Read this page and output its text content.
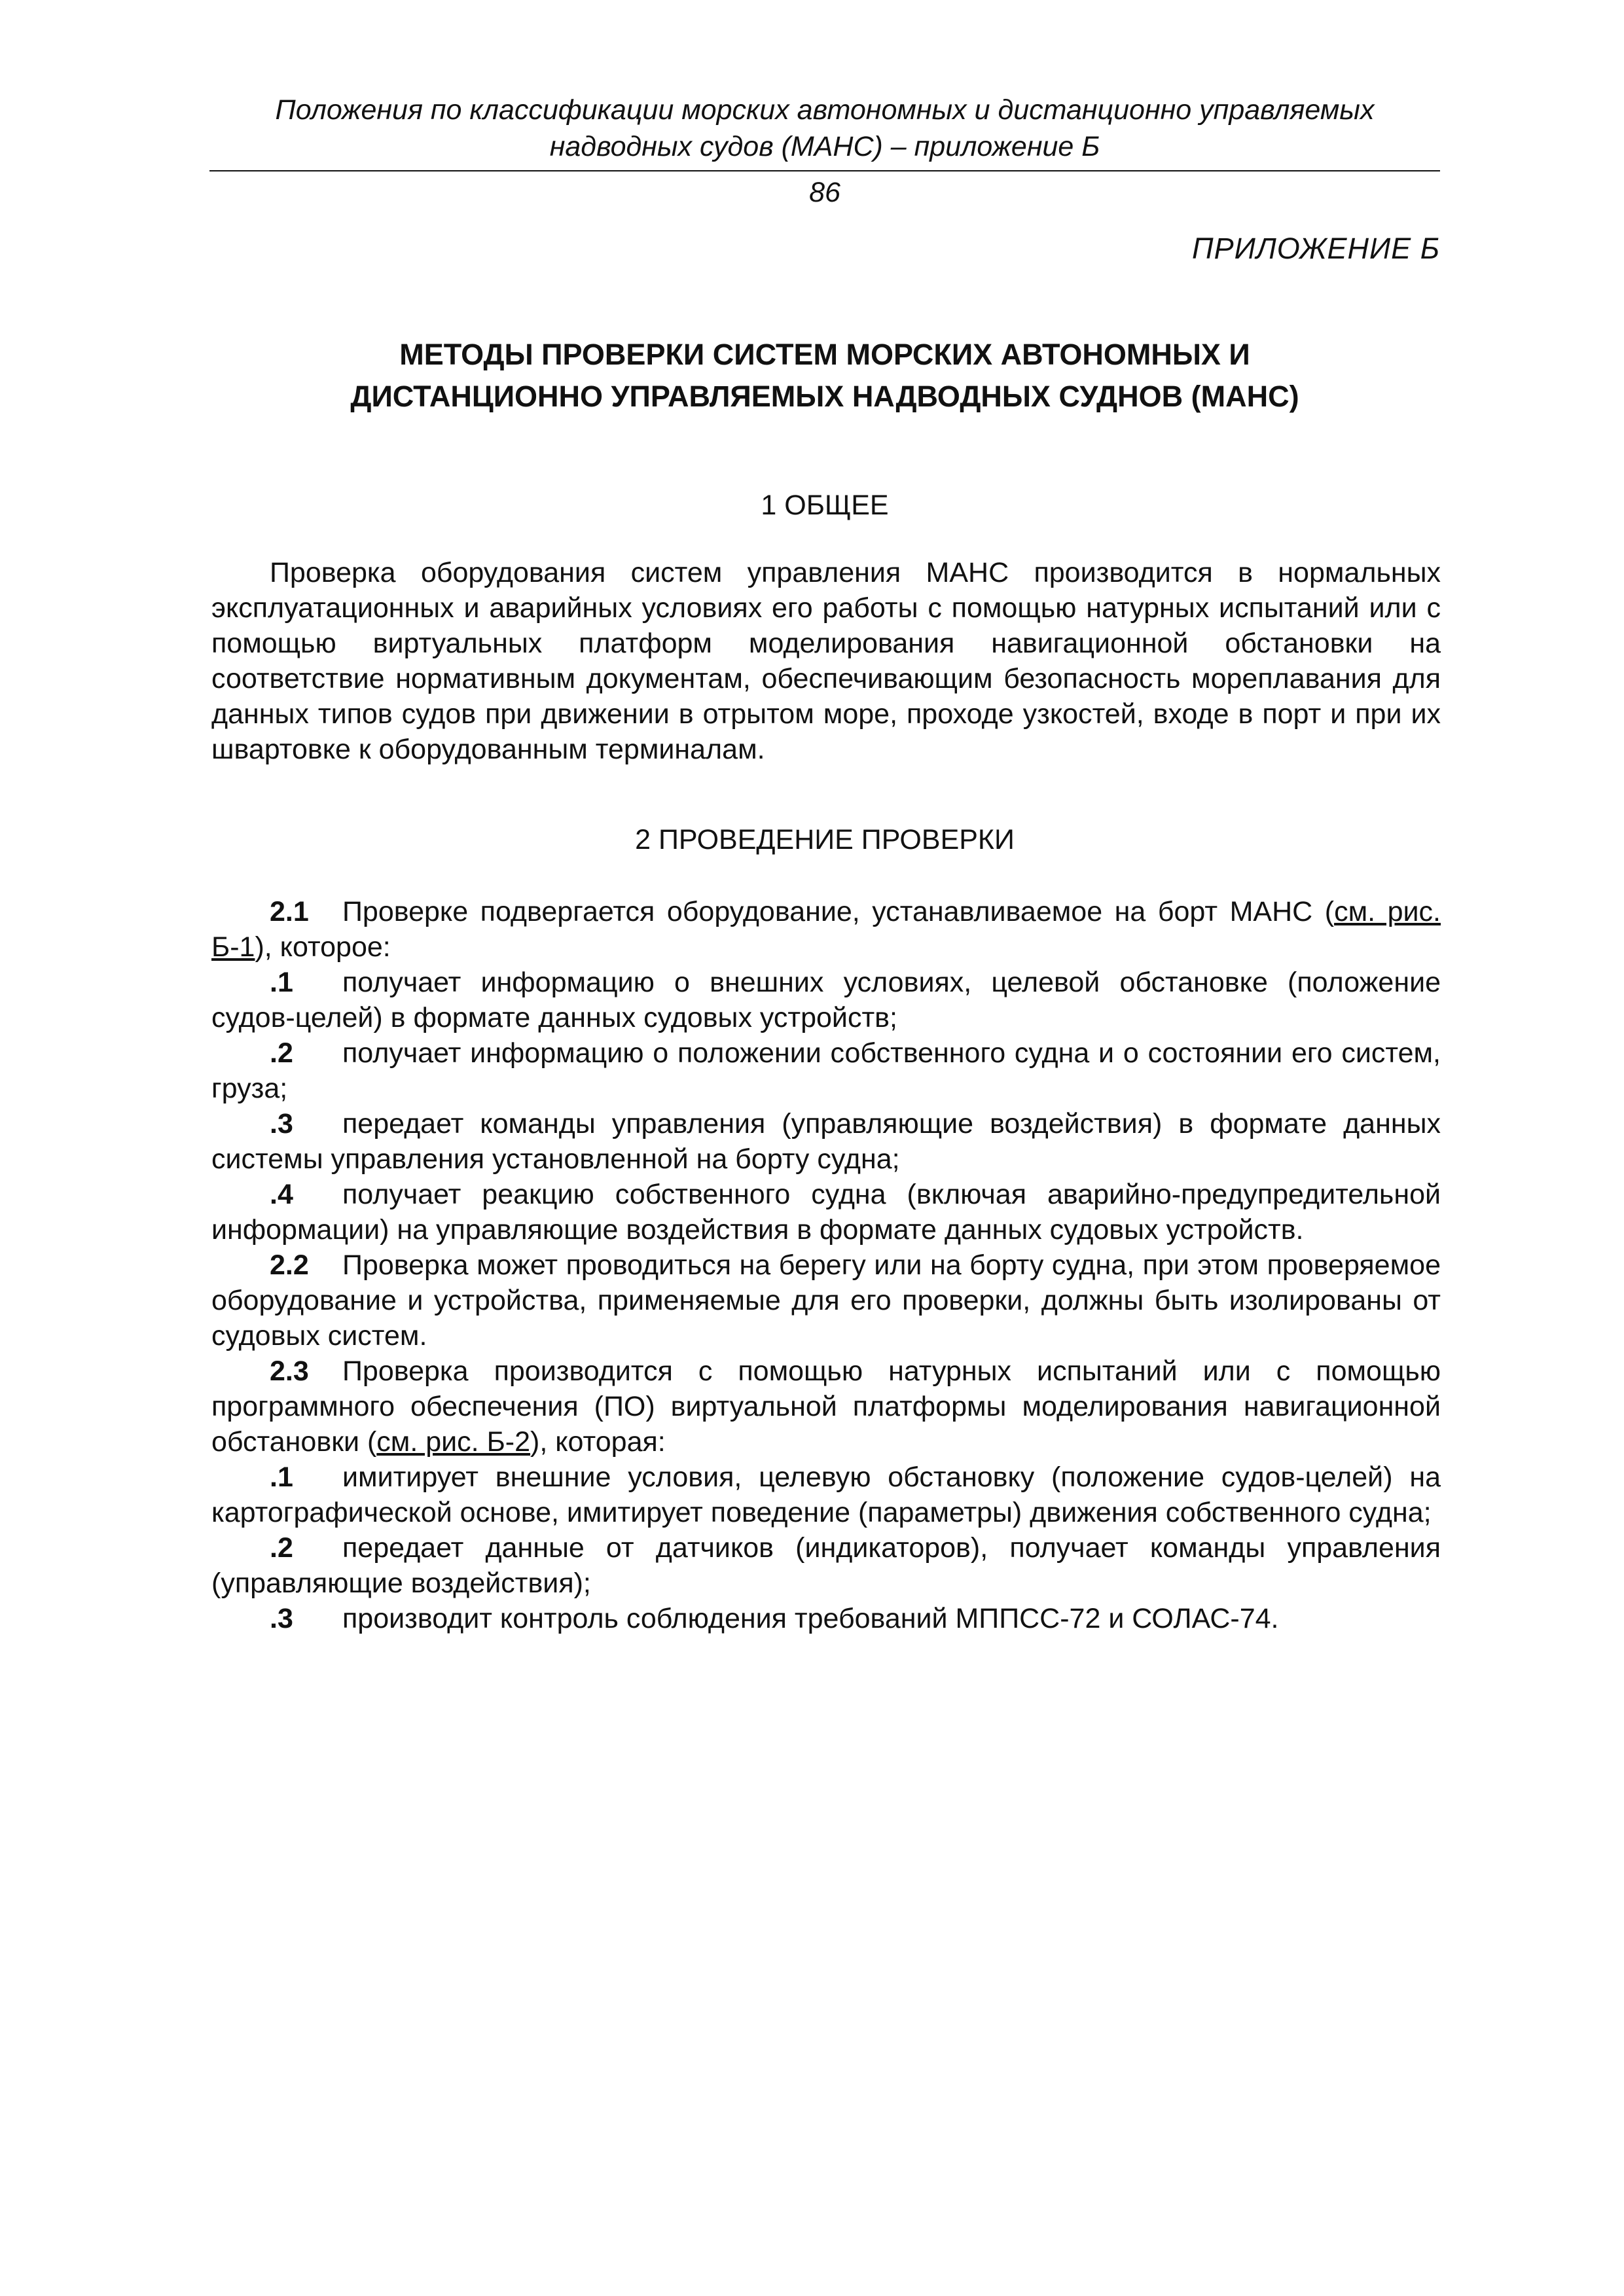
Положения по классификации морских автономных и дистанционно управляемых
надводных судов (МАНС) – приложение Б
86
ПРИЛОЖЕНИЕ Б
МЕТОДЫ ПРОВЕРКИ СИСТЕМ МОРСКИХ АВТОНОМНЫХ И
ДИСТАНЦИОННО УПРАВЛЯЕМЫХ НАДВОДНЫХ СУДНОВ (МАНС)
1 ОБЩЕЕ

Проверка оборудования систем управления МАНС производится в нормальных эксплуатационных и аварийных условиях его работы с помощью натурных испытаний или с помощью виртуальных платформ моделирования навигационной обстановки на соответствие нормативным документам, обеспечивающим безопасность мореплавания для данных типов судов при движении в отрытом море, проходе узкостей, входе в порт и при их швартовке к оборудованным терминалам.

2 ПРОВЕДЕНИЕ ПРОВЕРКИ

2.1 Проверке подвергается оборудование, устанавливаемое на борт МАНС (см. рис. Б-1), которое:

.1 получает информацию о внешних условиях, целевой обстановке (положение судов-целей) в формате данных судовых устройств;

.2 получает информацию о положении собственного судна и о состоянии его систем, груза;

.3 передает команды управления (управляющие воздействия) в формате данных системы управления установленной на борту судна;

.4 получает реакцию собственного судна (включая аварийно-предупредительной информации) на управляющие воздействия в формате данных судовых устройств.

2.2 Проверка может проводиться на берегу или на борту судна, при этом проверяемое оборудование и устройства, применяемые для его проверки, должны быть изолированы от судовых систем.

2.3 Проверка производится с помощью натурных испытаний или с помощью программного обеспечения (ПО) виртуальной платформы моделирования навигационной обстановки (см. рис. Б-2), которая:

.1 имитирует внешние условия, целевую обстановку (положение судов-целей) на картографической основе, имитирует поведение (параметры) движения собственного судна;

.2 передает данные от датчиков (индикаторов), получает команды управления (управляющие воздействия);

.3 производит контроль соблюдения требований МППСС-72 и СОЛАС-74.
